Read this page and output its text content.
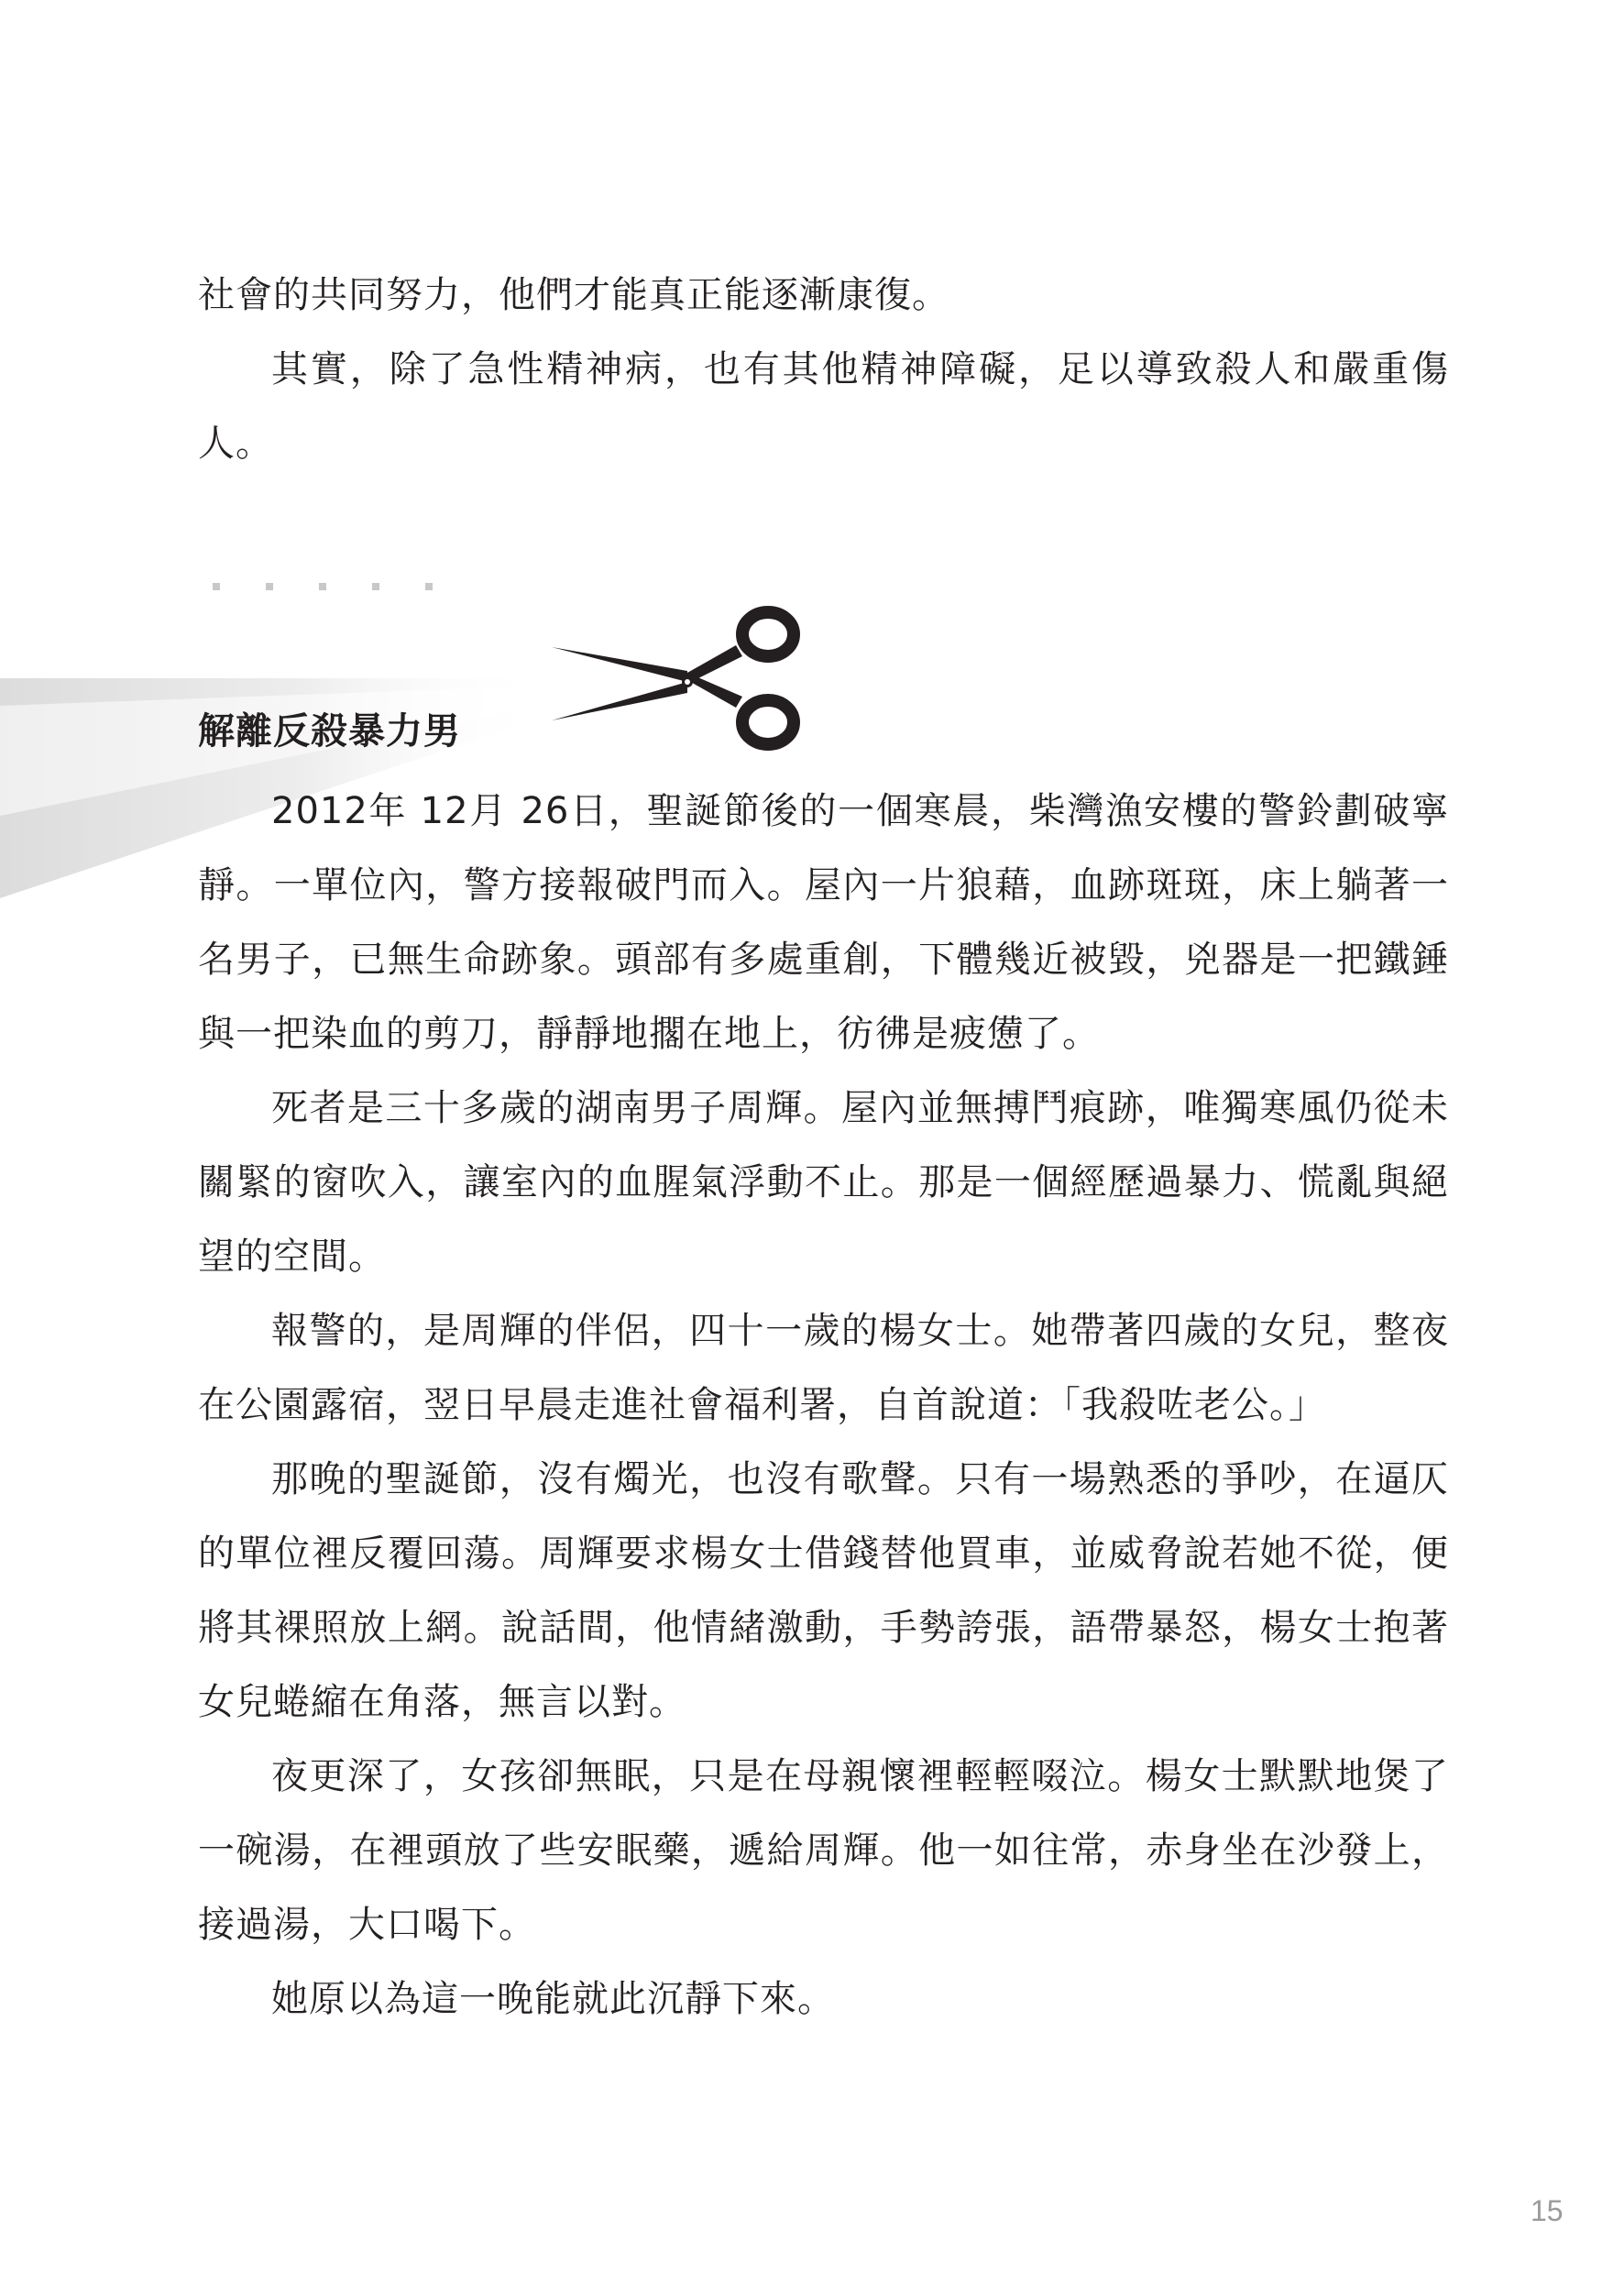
社會的共同努力，他們才能真正能逐漸康復。

其實，除了急性精神病，也有其他精神障礙，足以導致殺人和嚴重傷人。

解離反殺暴力男

2012年 12月 26日，聖誕節後的一個寒晨，柴灣漁安樓的警鈴劃破寧靜。一單位內，警方接報破門而入。屋內一片狼藉，血跡斑斑，床上躺著一名男子，已無生命跡象。頭部有多處重創，下體幾近被毀，兇器是一把鐵錘與一把染血的剪刀，靜靜地擱在地上，彷彿是疲憊了。

死者是三十多歲的湖南男子周輝。屋內並無搏鬥痕跡，唯獨寒風仍從未關緊的窗吹入，讓室內的血腥氣浮動不止。那是一個經歷過暴力、慌亂與絕望的空間。

報警的，是周輝的伴侶，四十一歲的楊女士。她帶著四歲的女兒，整夜在公園露宿，翌日早晨走進社會福利署，自首說道：「我殺咗老公。」

那晚的聖誕節，沒有燭光，也沒有歌聲。只有一場熟悉的爭吵，在逼仄的單位裡反覆回蕩。周輝要求楊女士借錢替他買車，並威脅說若她不從，便將其裸照放上網。說話間，他情緒激動，手勢誇張，語帶暴怒，楊女士抱著女兒蜷縮在角落，無言以對。

夜更深了，女孩卻無眠，只是在母親懷裡輕輕啜泣。楊女士默默地煲了一碗湯，在裡頭放了些安眠藥，遞給周輝。他一如往常，赤身坐在沙發上，接過湯，大口喝下。

她原以為這一晚能就此沉靜下來。

15
